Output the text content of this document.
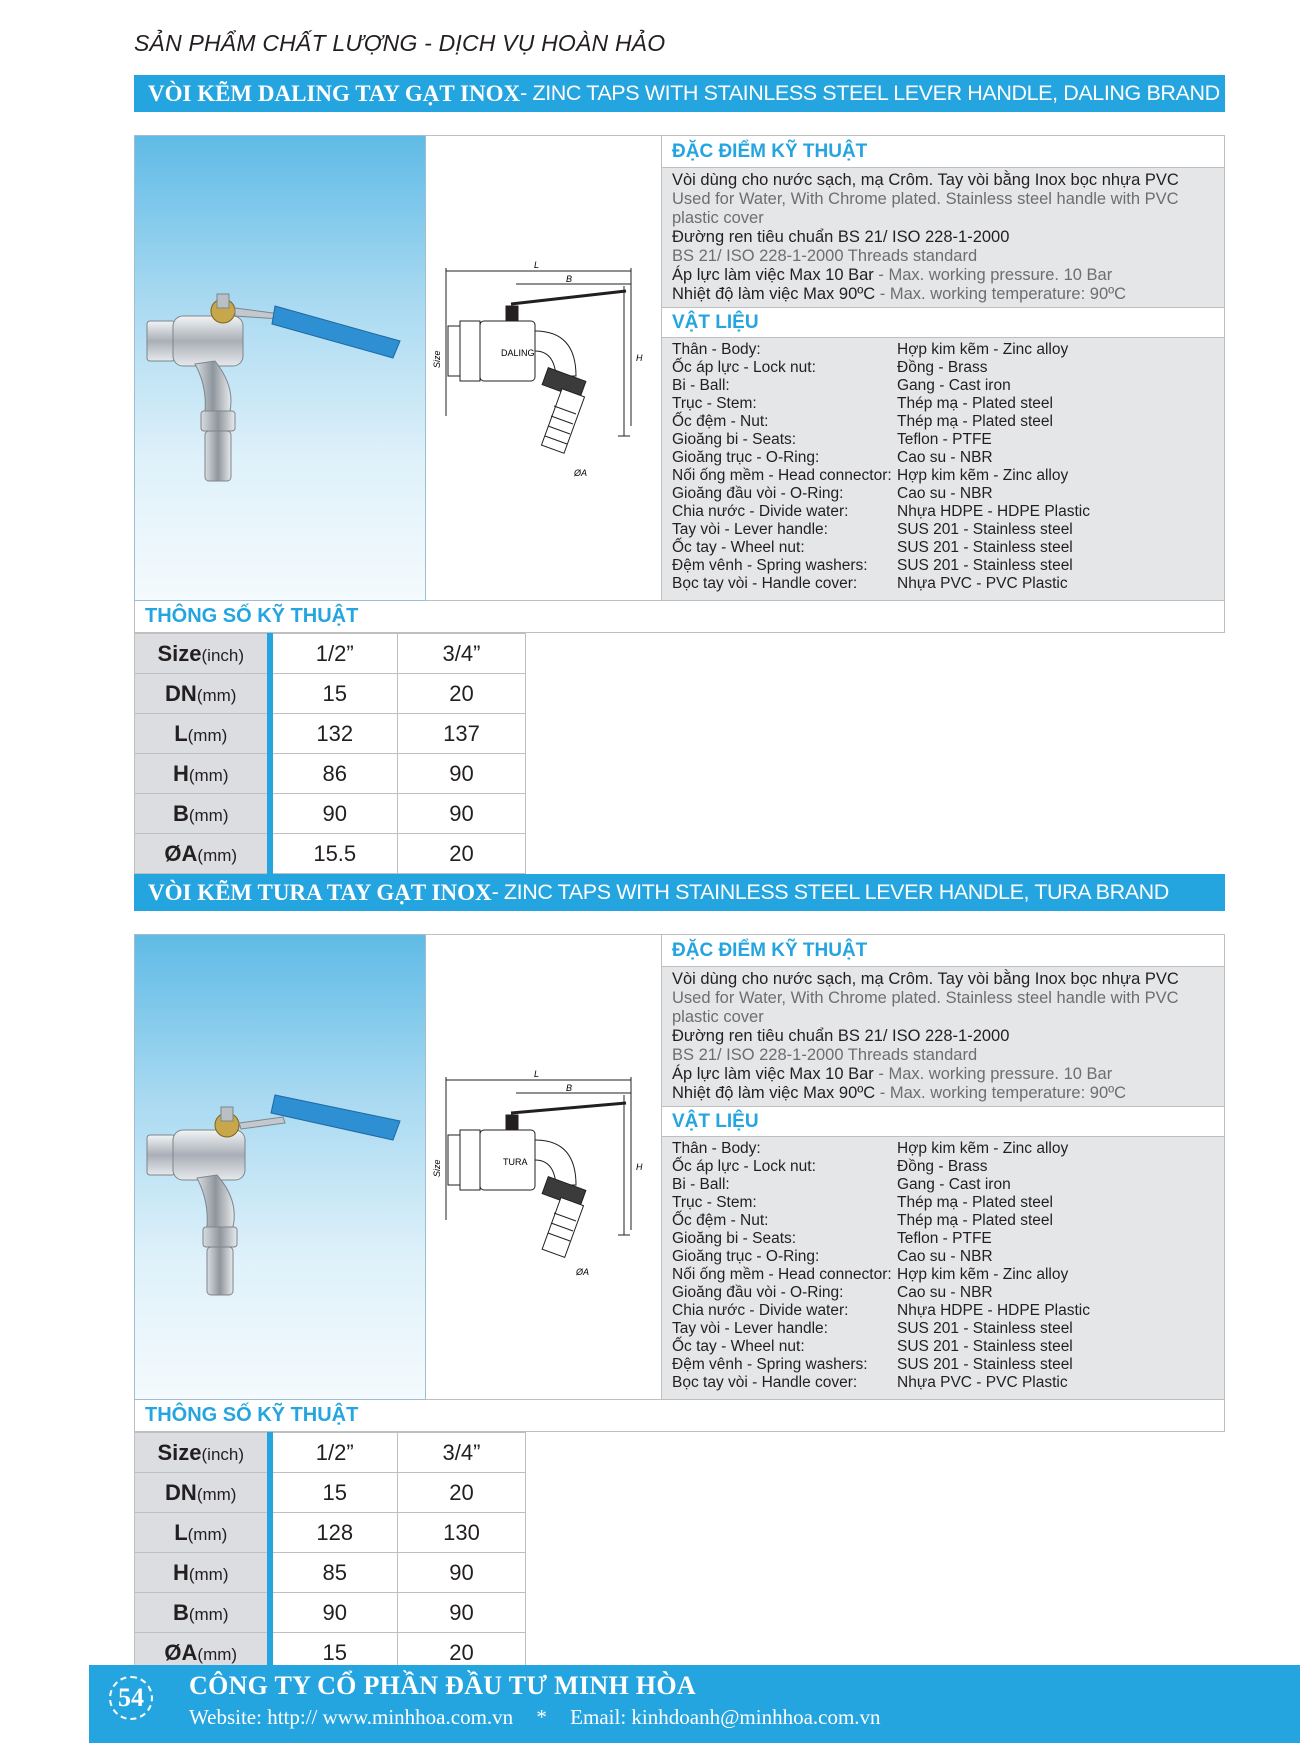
SẢN PHẨM CHẤT LƯỢNG - DỊCH VỤ HOÀN HẢO
VÒI KẼM DALING TAY GẠT INOX - ZINC TAPS WITH STAINLESS STEEL LEVER HANDLE, DALING BRAND
L
B
H
Size
ØA
DALING
ĐẶC ĐIỂM KỸ THUẬT
Vòi dùng cho nước sạch, mạ Crôm. Tay vòi bằng Inox bọc nhựa PVC
Used for Water, With Chrome plated. Stainless steel handle with PVC plastic cover
Đường ren tiêu chuẩn BS 21/ ISO 228-1-2000
BS 21/ ISO 228-1-2000 Threads standard
Áp lực làm việc Max 10 Bar - Max. working pressure. 10 Bar
Nhiệt độ làm việc Max 90ºC - Max. working temperature: 90ºC
VẬT LIỆU
Thân - Body:	Hợp kim kẽm - Zinc alloy
Ốc áp lực - Lock nut:	Đồng - Brass
Bi - Ball:	Gang - Cast iron
Trục - Stem:	Thép mạ - Plated steel
Ốc đệm - Nut:	Thép mạ - Plated steel
Gioăng bi - Seats:	Teflon - PTFE
Gioăng trục - O-Ring:	Cao su - NBR
Nối ống mềm - Head connector: Hợp kim kẽm - Zinc alloy
Gioăng đầu vòi - O-Ring:	Cao su - NBR
Chia nước - Divide water:	Nhựa HDPE - HDPE Plastic
Tay vòi - Lever handle:	SUS 201 - Stainless steel
Ốc tay - Wheel nut:	SUS 201 - Stainless steel
Đệm vênh - Spring washers:	SUS 201 - Stainless steel
Bọc tay vòi - Handle cover:	Nhựa PVC - PVC Plastic
THÔNG SỐ KỸ THUẬT
Size(inch)	1/2”	3/4”
DN(mm)	15	20
L(mm)	132	137
H(mm)	86	90
B(mm)	90	90
ØA(mm)	15.5	20
VÒI KẼM TURA TAY GẠT INOX - ZINC TAPS WITH STAINLESS STEEL LEVER HANDLE, TURA BRAND
L
B
H
Size
ØA
TURA
ĐẶC ĐIỂM KỸ THUẬT
Vòi dùng cho nước sạch, mạ Crôm. Tay vòi bằng Inox bọc nhựa PVC
Used for Water, With Chrome plated. Stainless steel handle with PVC plastic cover
Đường ren tiêu chuẩn BS 21/ ISO 228-1-2000
BS 21/ ISO 228-1-2000 Threads standard
Áp lực làm việc Max 10 Bar - Max. working pressure. 10 Bar
Nhiệt độ làm việc Max 90ºC - Max. working temperature: 90ºC
VẬT LIỆU
Thân - Body:	Hợp kim kẽm - Zinc alloy
Ốc áp lực - Lock nut:	Đồng - Brass
Bi - Ball:	Gang - Cast iron
Trục - Stem:	Thép mạ - Plated steel
Ốc đệm - Nut:	Thép mạ - Plated steel
Gioăng bi - Seats:	Teflon - PTFE
Gioăng trục - O-Ring:	Cao su - NBR
Nối ống mềm - Head connector: Hợp kim kẽm - Zinc alloy
Gioăng đầu vòi - O-Ring:	Cao su - NBR
Chia nước - Divide water:	Nhựa HDPE - HDPE Plastic
Tay vòi - Lever handle:	SUS 201 - Stainless steel
Ốc tay - Wheel nut:	SUS 201 - Stainless steel
Đệm vênh - Spring washers:	SUS 201 - Stainless steel
Bọc tay vòi - Handle cover:	Nhựa PVC - PVC Plastic
THÔNG SỐ KỸ THUẬT
Size(inch)	1/2”	3/4”
DN(mm)	15	20
L(mm)	128	130
H(mm)	85	90
B(mm)	90	90
ØA(mm)	15	20
54	CÔNG TY CỔ PHẦN ĐẦU TƯ MINH HÒA
Website: http:// www.minhhoa.com.vn * Email: kinhdoanh@minhhoa.com.vn
